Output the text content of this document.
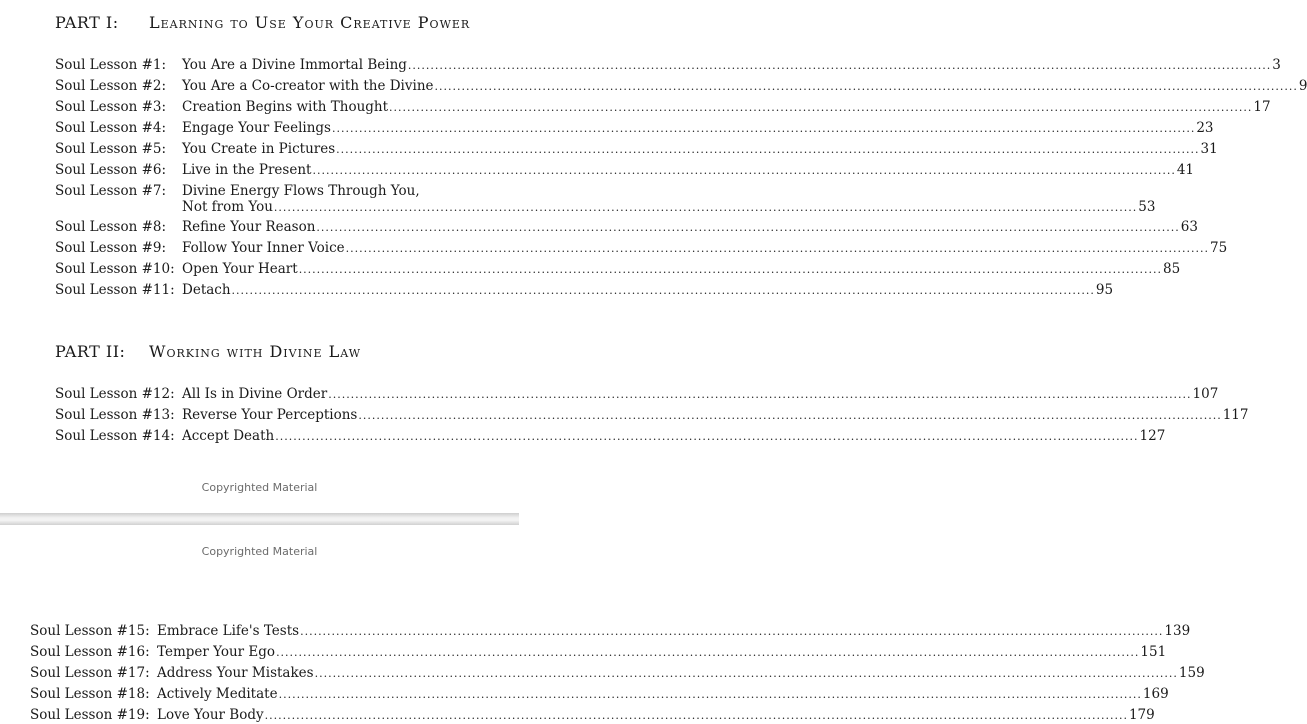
PART I: Learning to Use Your Creative Power
Soul Lesson #1:	You Are a Divine Immortal Being .....	3
Soul Lesson #2:	You Are a Co-creator with the Divine .....	9
Soul Lesson #3:	Creation Begins with Thought .....	17
Soul Lesson #4:	Engage Your Feelings .....	23
Soul Lesson #5:	You Create in Pictures .....	31
Soul Lesson #6:	Live in the Present .....	41
Soul Lesson #7:	Divine Energy Flows Through You,
Not from You .....	53
Soul Lesson #8:	Refine Your Reason .....	63
Soul Lesson #9:	Follow Your Inner Voice .....	75
Soul Lesson #10: Open Your Heart .....	85
Soul Lesson #11: Detach .....	95
PART II: Working with Divine Law
Soul Lesson #12: All Is in Divine Order .....	107
Soul Lesson #13: Reverse Your Perceptions .....	117
Soul Lesson #14: Accept Death .....	127
Copyrighted Material
Copyrighted Material
Soul Lesson #15: Embrace Life's Tests .....	139
Soul Lesson #16: Temper Your Ego .....	151
Soul Lesson #17: Address Your Mistakes .....	159
Soul Lesson #18: Actively Meditate .....	169
Soul Lesson #19: Love Your Body .....	179
